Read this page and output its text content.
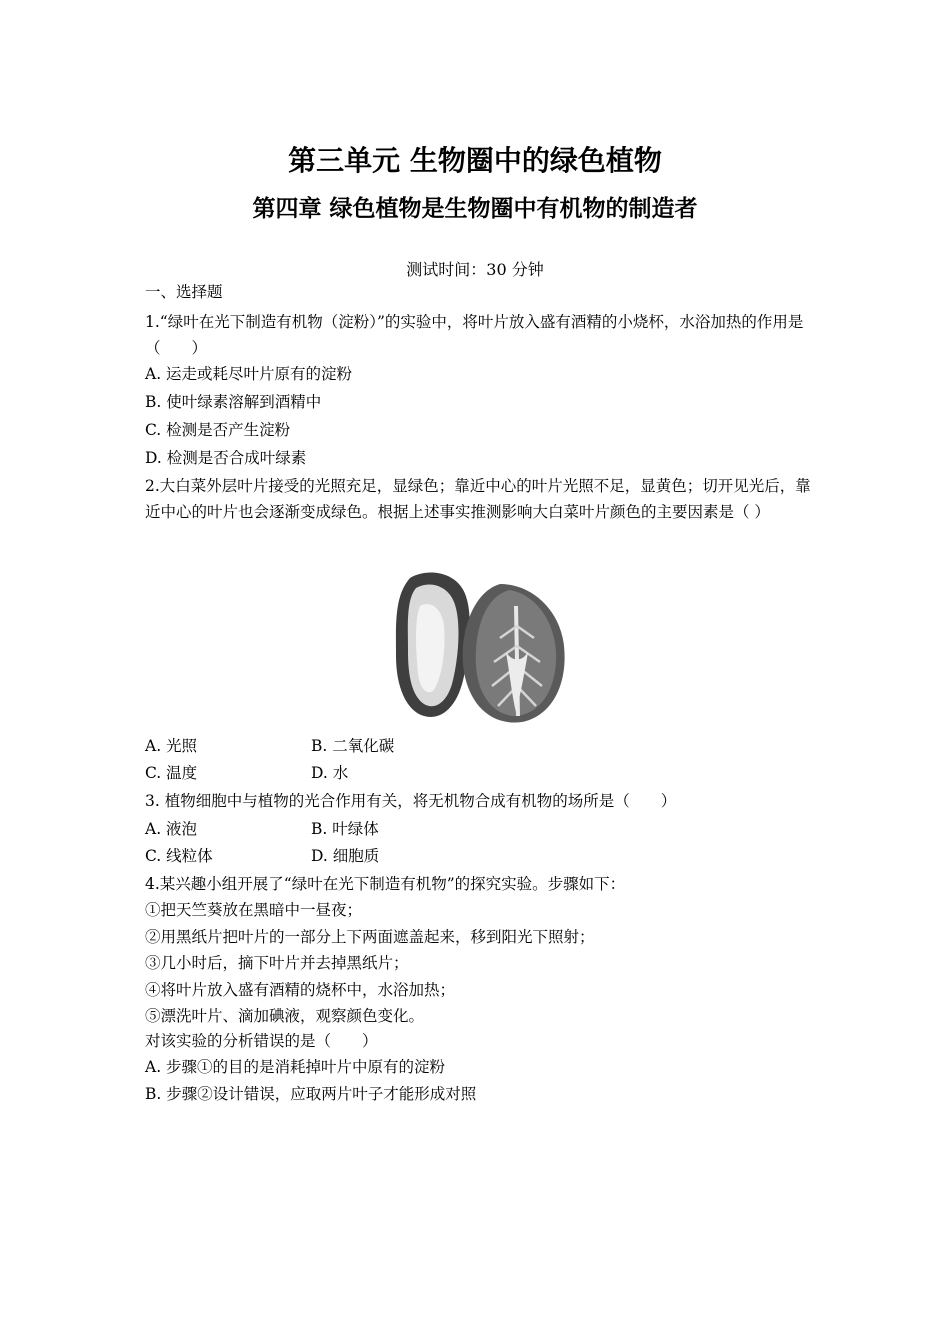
第三单元 生物圈中的绿色植物
第四章 绿色植物是生物圈中有机物的制造者
测试时间：30 分钟
一、选择题
1.“绿叶在光下制造有机物（淀粉）”的实验中，将叶片放入盛有酒精的小烧杯，水浴加热的作用是（　　）
A. 运走或耗尽叶片原有的淀粉
B. 使叶绿素溶解到酒精中
C. 检测是否产生淀粉
D. 检测是否合成叶绿素
2.大白菜外层叶片接受的光照充足，显绿色；靠近中心的叶片光照不足，显黄色；切开见光后，靠近中心的叶片也会逐渐变成绿色。根据上述事实推测影响大白菜叶片颜色的主要因素是（ ）
A. 光照	B. 二氧化碳
C. 温度	D. 水
3. 植物细胞中与植物的光合作用有关，将无机物合成有机物的场所是（　　）
A. 液泡	B. 叶绿体
C. 线粒体	D. 细胞质
4.某兴趣小组开展了“绿叶在光下制造有机物”的探究实验。步骤如下：
①把天竺葵放在黑暗中一昼夜；
②用黑纸片把叶片的一部分上下两面遮盖起来，移到阳光下照射；
③几小时后，摘下叶片并去掉黑纸片；
④将叶片放入盛有酒精的烧杯中，水浴加热；
⑤漂洗叶片、滴加碘液，观察颜色变化。
对该实验的分析错误的是（　　）
A. 步骤①的目的是消耗掉叶片中原有的淀粉
B. 步骤②设计错误，应取两片叶子才能形成对照
